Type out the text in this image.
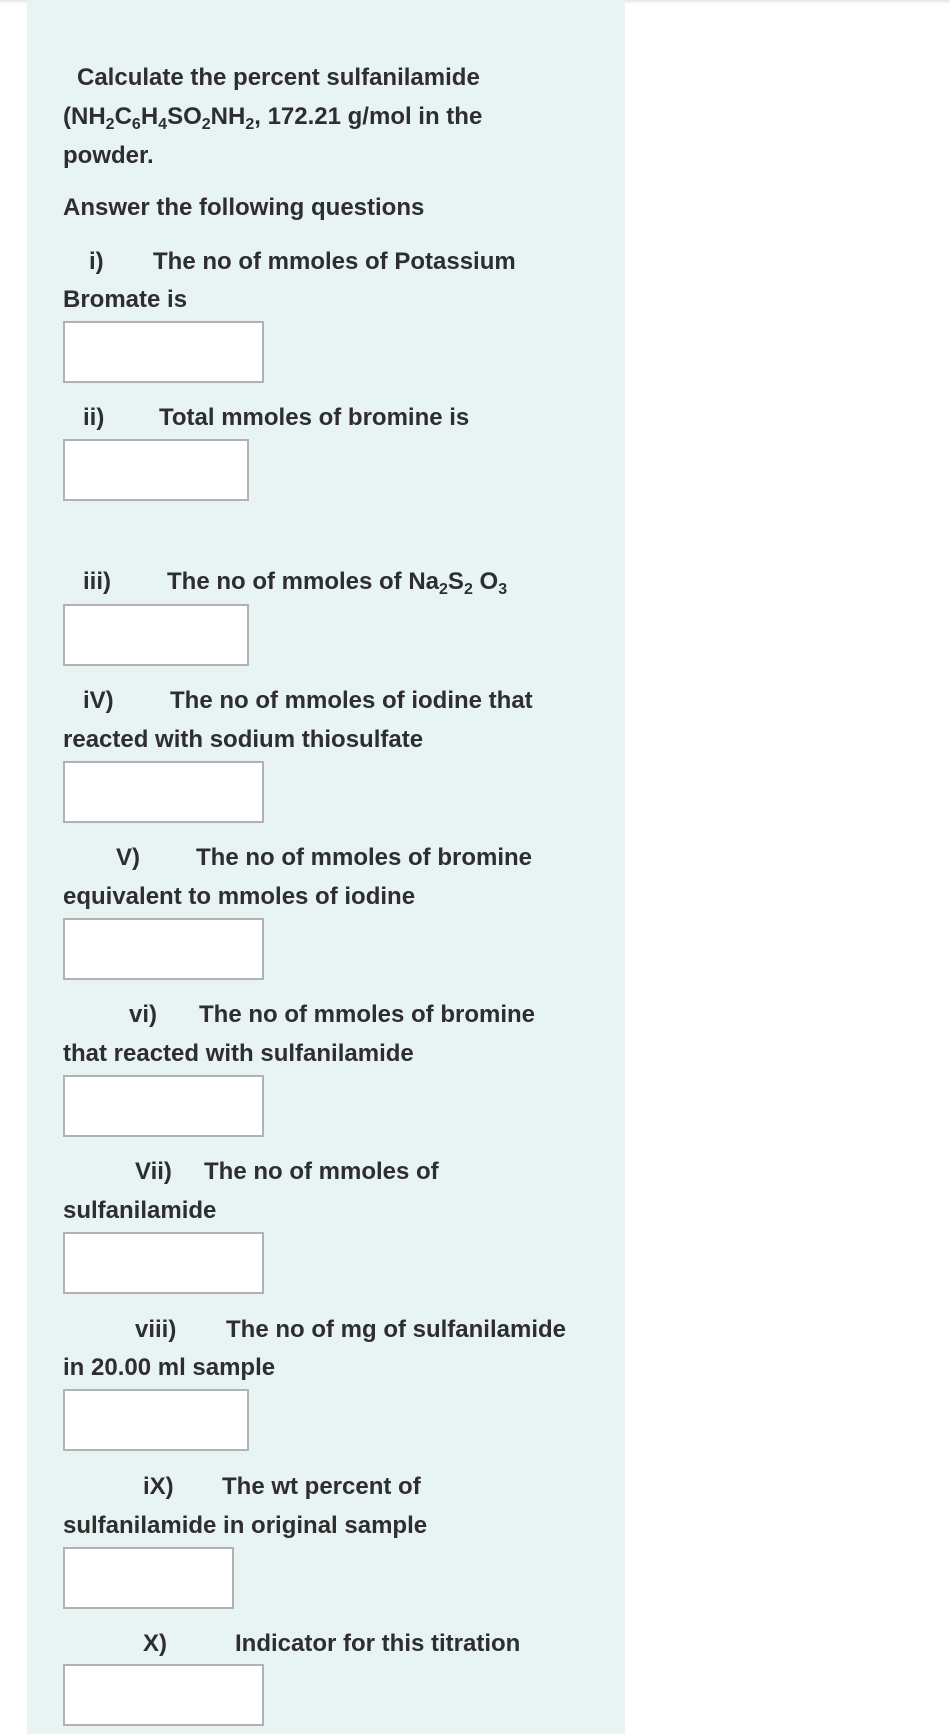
Calculate the percent sulfanilamide
($NH_2C_6H_4SO_2NH_2$, 172.21 g/mol in the
powder.
Answer the following questions
i) The no of mmoles of Potassium
Bromate is
ii) Total mmoles of bromine is
iii) The no of mmoles of $Na_2S_2$ $O_3$
iV) The no of mmoles of iodine that
reacted with sodium thiosulfate
V) The no of mmoles of bromine
equivalent to mmoles of iodine
vi) The no of mmoles of bromine
that reacted with sulfanilamide
Vii) The no of mmoles of
sulfanilamide
viii) The no of mg of sulfanilamide
in 20.00 ml sample
iX) The wt percent of
sulfanilamide in original sample
X)	Indicator for this titration
